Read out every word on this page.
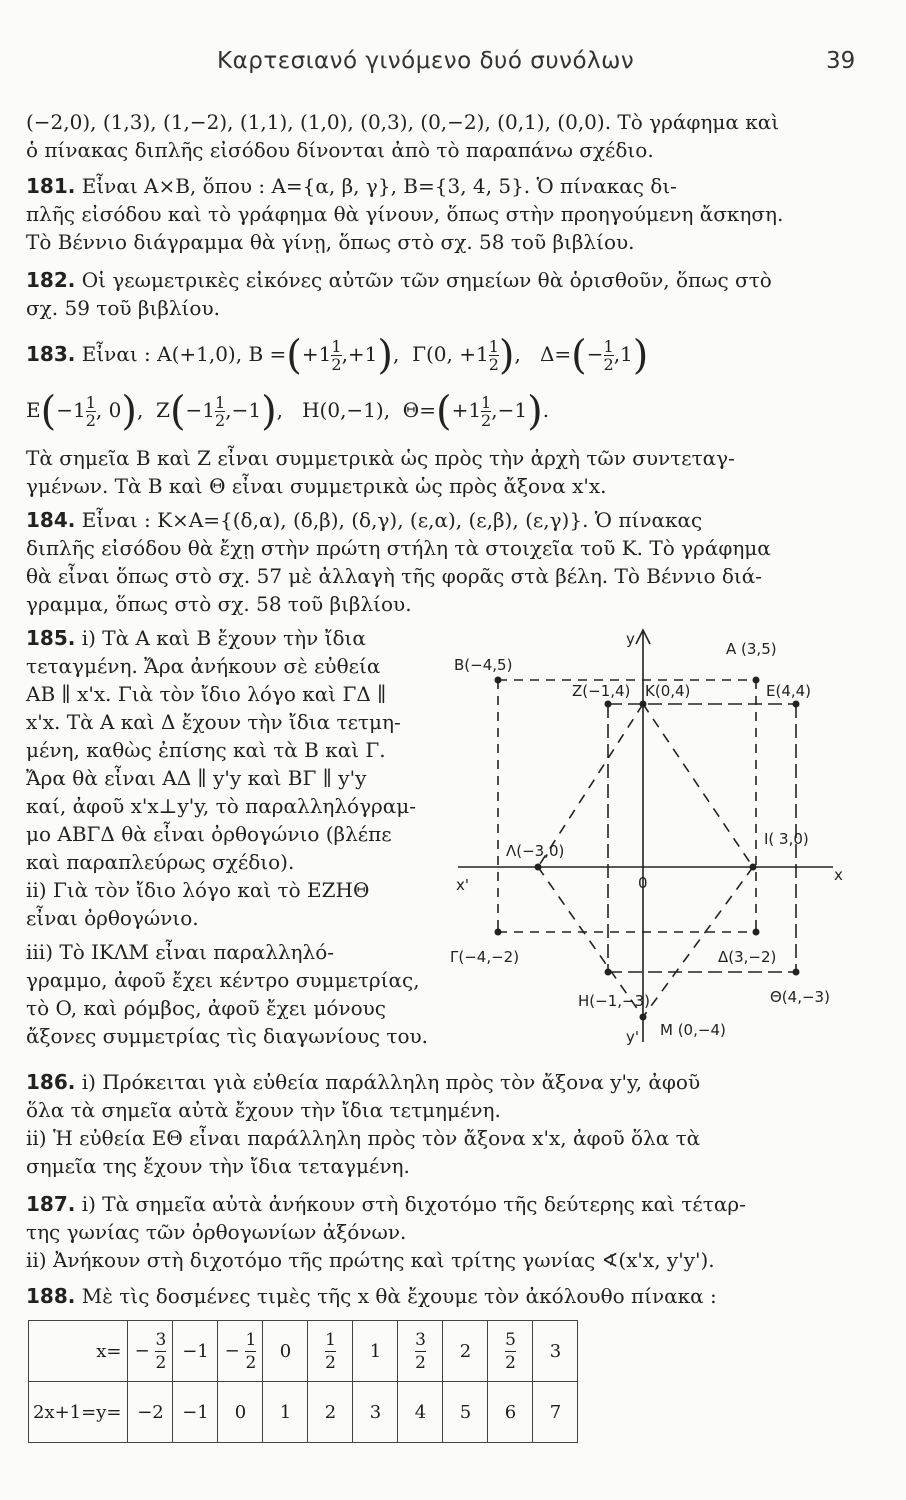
Καρτεσιανό γινόμενο δυό συνόλων	39
(−2,0), (1,3), (1,−2), (1,1), (1,0), (0,3), (0,−2), (0,1), (0,0). Τὸ γράφημα καὶ
ὁ πίνακας διπλῆς εἰσόδου δίνονται ἀπὸ τὸ παραπάνω σχέδιο.
181. Εἶναι A×B, ὅπου : A={α, β, γ}, B={3, 4, 5}. Ὁ πίνακας δι-
πλῆς εἰσόδου καὶ τὸ γράφημα θὰ γίνουν, ὅπως στὴν προηγούμενη ἄσκηση.
Τὸ Βέννιο διάγραμμα θὰ γίνῃ, ὅπως στὸ σχ. 58 τοῦ βιβλίου.
182. Οἱ γεωμετρικὲς εἰκόνες αὐτῶν τῶν σημείων θὰ ὁρισθοῦν, ὅπως στὸ
σχ. 59 τοῦ βιβλίου.
183. Εἶναι : A(+1,0), $B =(+1 \frac{1}{2} ,+1)$,  Γ(0, $+1 \frac{1}{2}$ ),   $\Delta=(- \frac{1}{2} ,1)$
$E(-1 \frac{1}{2}$ , 0),  $Z(-1 \frac{1}{2} ,-1)$,   H(0,−1), $\Theta=(+1 \frac{1}{2} ,-1)$.
Τὰ σημεῖα B καὶ Z εἶναι συμμετρικὰ ὡς πρὸς τὴν ἀρχὴ τῶν συντεταγ-
γμένων. Τὰ B καὶ Θ εἶναι συμμετρικὰ ὡς πρὸς ἄξονα x'x.
184. Εἶναι : K×A={(δ,α), (δ,β), (δ,γ), (ε,α), (ε,β), (ε,γ)}. Ὁ πίνακας
διπλῆς εἰσόδου θὰ ἔχῃ στὴν πρώτη στήλη τὰ στοιχεῖα τοῦ K. Τὸ γράφημα
θὰ εἶναι ὅπως στὸ σχ. 57 μὲ ἀλλαγὴ τῆς φορᾶς στὰ βέλη. Τὸ Βέννιο διά-
γραμμα, ὅπως στὸ σχ. 58 τοῦ βιβλίου.
185. i) Τὰ A καὶ B ἔχουν τὴν ἴδια
τεταγμένη. Ἄρα ἀνήκουν σὲ εὐθεία
AB ∥ x'x. Γιὰ τὸν ἴδιο λόγο καὶ ΓΔ ∥
x'x. Τὰ A καὶ Δ ἔχουν τὴν ἴδια τετμη-
μένη, καθὼς ἐπίσης καὶ τὰ B καὶ Γ.
Ἄρα θὰ εἶναι AΔ ∥ y'y καὶ BΓ ∥ y'y
καί, ἀφοῦ x'x⊥y'y, τὸ παραλληλόγραμ-
μο ABΓΔ θὰ εἶναι ὀρθογώνιο (βλέπε
καὶ παραπλεύρως σχέδιο).
ii) Γιὰ τὸν ἴδιο λόγο καὶ τὸ EZHΘ
εἶναι ὀρθογώνιο.
iii) Τὸ IKΛM εἶναι παραλληλό-
γραμμο, ἀφοῦ ἔχει κέντρο συμμετρίας,
τὸ O, καὶ ρόμβος, ἀφοῦ ἔχει μόνους
ἄξονες συμμετρίας τὶς διαγωνίους του.
B(−4,5)
A (3,5)
Z(−1,4) K(0,4)	E(4,4)
Λ(−3,0)
I( 3,0)
0
x'
x
y
y'
Γ(−4,−2)	Δ(3,−2)
H(−1,−3)	Θ(4,−3)
M (0,−4)
186. i) Πρόκειται γιὰ εὐθεία παράλληλη πρὸς τὸν ἄξονα y'y, ἀφοῦ
ὅλα τὰ σημεῖα αὐτὰ ἔχουν τὴν ἴδια τετμημένη.
ii) Ἡ εὐθεία EΘ εἶναι παράλληλη πρὸς τὸν ἄξονα x'x, ἀφοῦ ὅλα τὰ
σημεῖα της ἔχουν τὴν ἴδια τεταγμένη.
187. i) Τὰ σημεῖα αὐτὰ ἀνήκουν στὴ διχοτόμο τῆς δεύτερης καὶ τέταρ-
της γωνίας τῶν ὀρθογωνίων ἀξόνων.
ii) Ἀνήκουν στὴ διχοτόμο τῆς πρώτης καὶ τρίτης γωνίας ∢(x'x, y'y').
188. Μὲ τὶς δοσμένες τιμὲς τῆς x θὰ ἔχουμε τὸν ἀκόλουθο πίνακα :
x=	− $\frac{3}{2}$	−1	− $\frac{1}{2}$	0	$\frac{1}{2}$	1	$\frac{3}{2}$	2	$\frac{5}{2}$	3
2x+1=y=	−2	−1	0	1	2	3	4	5	6	7
